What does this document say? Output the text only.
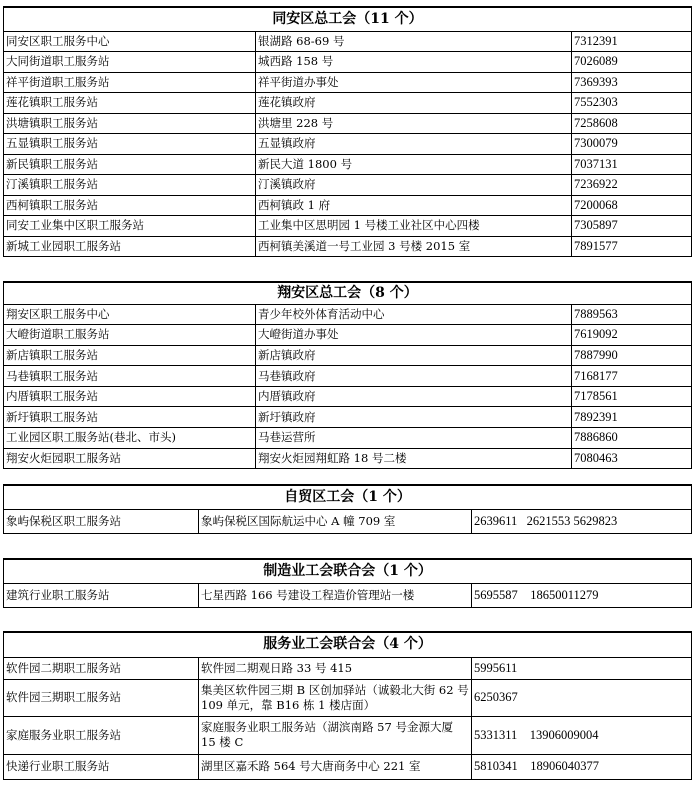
同安区总工会（11 个）		
同安区职工服务中心	银湖路 68-69 号	7312391
大同街道职工服务站	城西路 158 号	7026089
祥平街道职工服务站	祥平街道办事处	7369393
莲花镇职工服务站	莲花镇政府	7552303
洪塘镇职工服务站	洪塘里 228 号	7258608
五显镇职工服务站	五显镇政府	7300079
新民镇职工服务站	新民大道 1800 号	7037131
汀溪镇职工服务站	汀溪镇政府	7236922
西柯镇职工服务站	西柯镇政 1 府	7200068
同安工业集中区职工服务站	工业集中区思明园 1 号楼工业社区中心四楼	7305897
新城工业园职工服务站	西柯镇美溪道一号工业园 3 号楼 2015 室	7891577
翔安区总工会（8 个）		
翔安区职工服务中心	青少年校外体育活动中心	7889563
大嶝街道职工服务站	大嶝街道办事处	7619092
新店镇职工服务站	新店镇政府	7887990
马巷镇职工服务站	马巷镇政府	7168177
内厝镇职工服务站	内厝镇政府	7178561
新圩镇职工服务站	新圩镇政府	7892391
工业园区职工服务站(巷北、市头)	马巷运营所	7886860
翔安火炬园职工服务站	翔安火炬园翔虹路 18 号二楼	7080463
自贸区工会（1 个）
象屿保税区职工服务站	象屿保税区国际航运中心 A 幢 709 室	2639611   2621553 5629823
制造业工会联合会（1 个）
建筑行业职工服务站	七星西路 166 号建设工程造价管理站一楼	5695587    18650011279
服务业工会联合会（4 个）		
软件园二期职工服务站	软件园二期观日路 33 号 415	5995611
软件园三期职工服务站	集美区软件园三期 B 区创加驿站（诚毅北大街 62 号 109 单元，靠 B16 栋 1 楼店面）	6250367
家庭服务业职工服务站	家庭服务业职工服务站（湖滨南路 57 号金源大厦 15 楼 C	5331311    13906009004
快递行业职工服务站	湖里区嘉禾路 564 号大唐商务中心 221 室	5810341    18906040377
